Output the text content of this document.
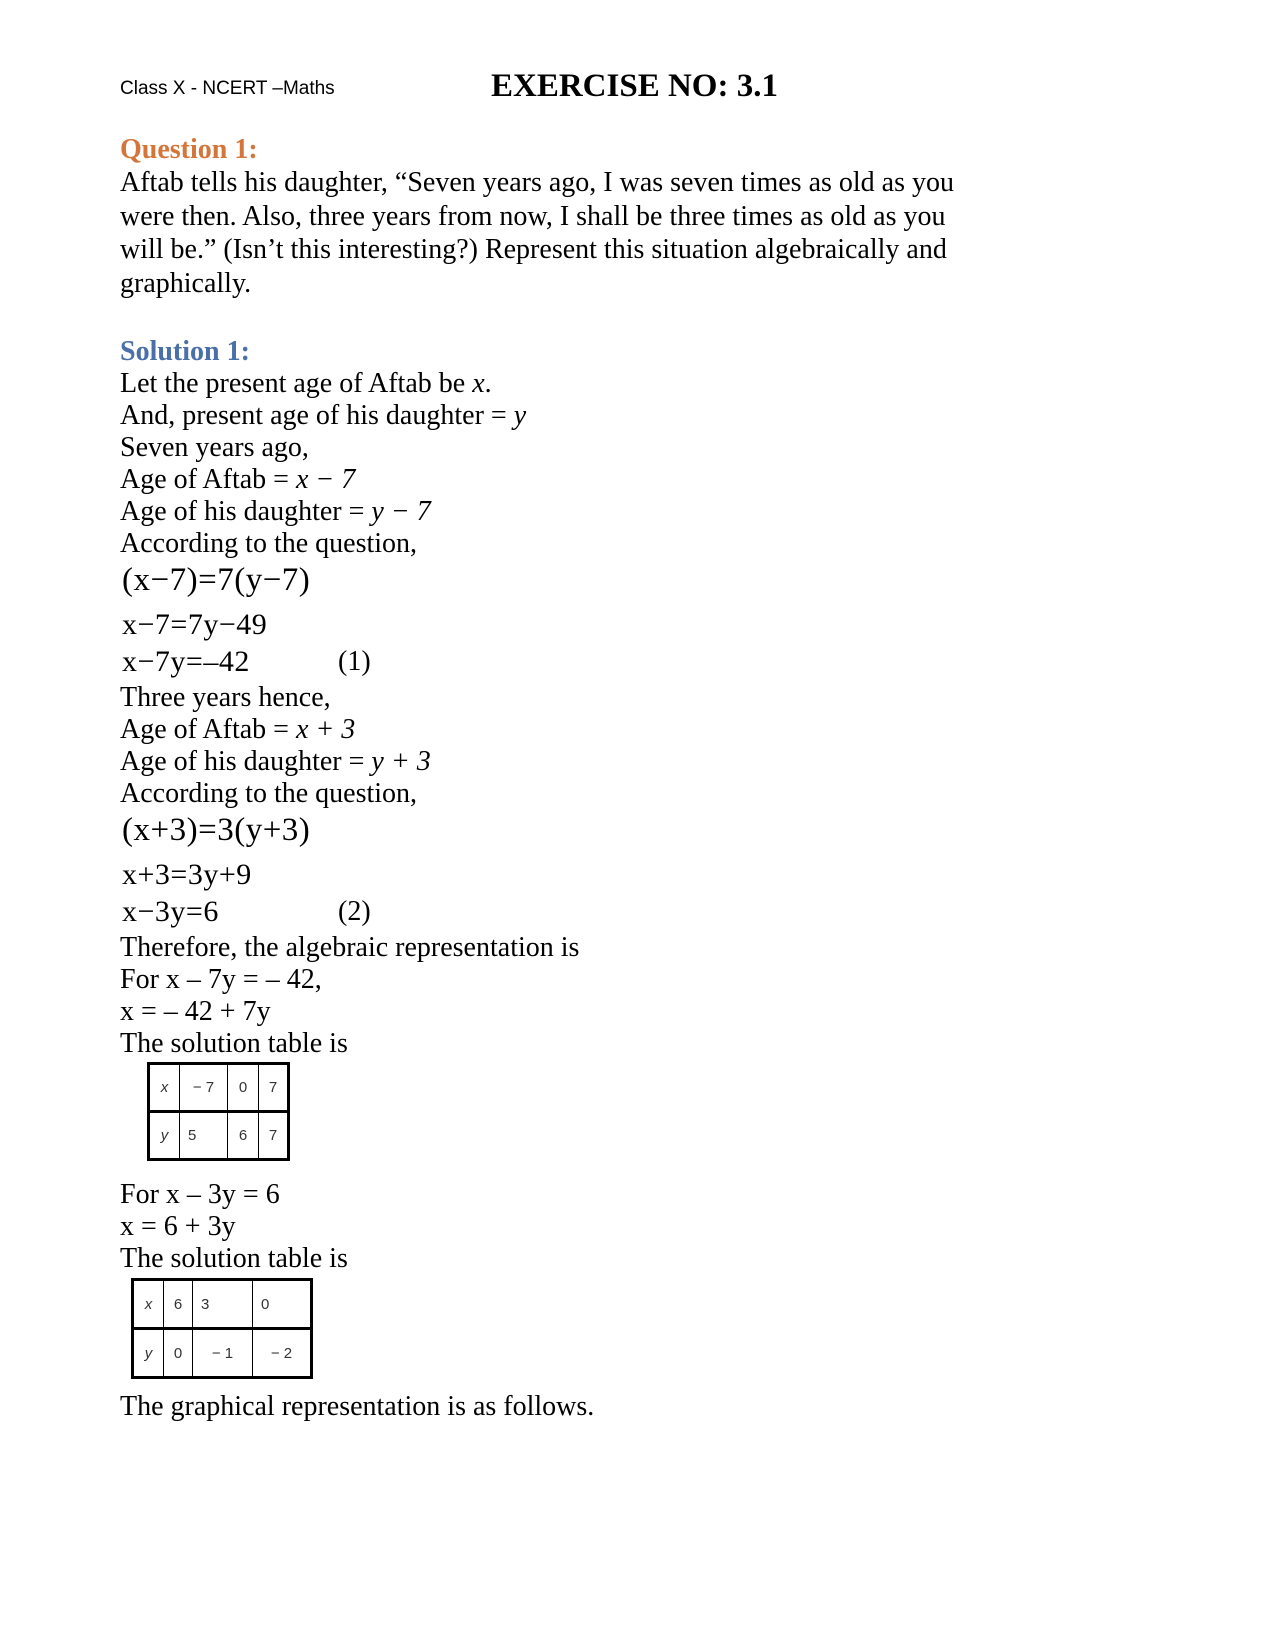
Class X - NCERT –Maths	EXERCISE NO: 3.1
Question 1:
Aftab tells his daughter, “Seven years ago, I was seven times as old as you
were then. Also, three years from now, I shall be three times as old as you
will be.” (Isn’t this interesting?) Represent this situation algebraically and
graphically.
Solution 1:
Let the present age of Aftab be x.
And, present age of his daughter = y
Seven years ago,
Age of Aftab = x − 7
Age of his daughter = y − 7
According to the question,
(x−7)=7(y−7)
x−7=7y−49
x−7y=–42	(1)
Three years hence,
Age of Aftab = x + 3
Age of his daughter = y + 3
According to the question,
(x+3)=3(y+3)
x+3=3y+9
x−3y=6	(2)
Therefore, the algebraic representation is
For x – 7y = – 42,
x = – 42 + 7y
The solution table is
x	− 7	0	7
y	5	6	7
For x – 3y = 6
x = 6 + 3y
The solution table is
x	6	3	0
y	0	− 1	− 2
The graphical representation is as follows.
